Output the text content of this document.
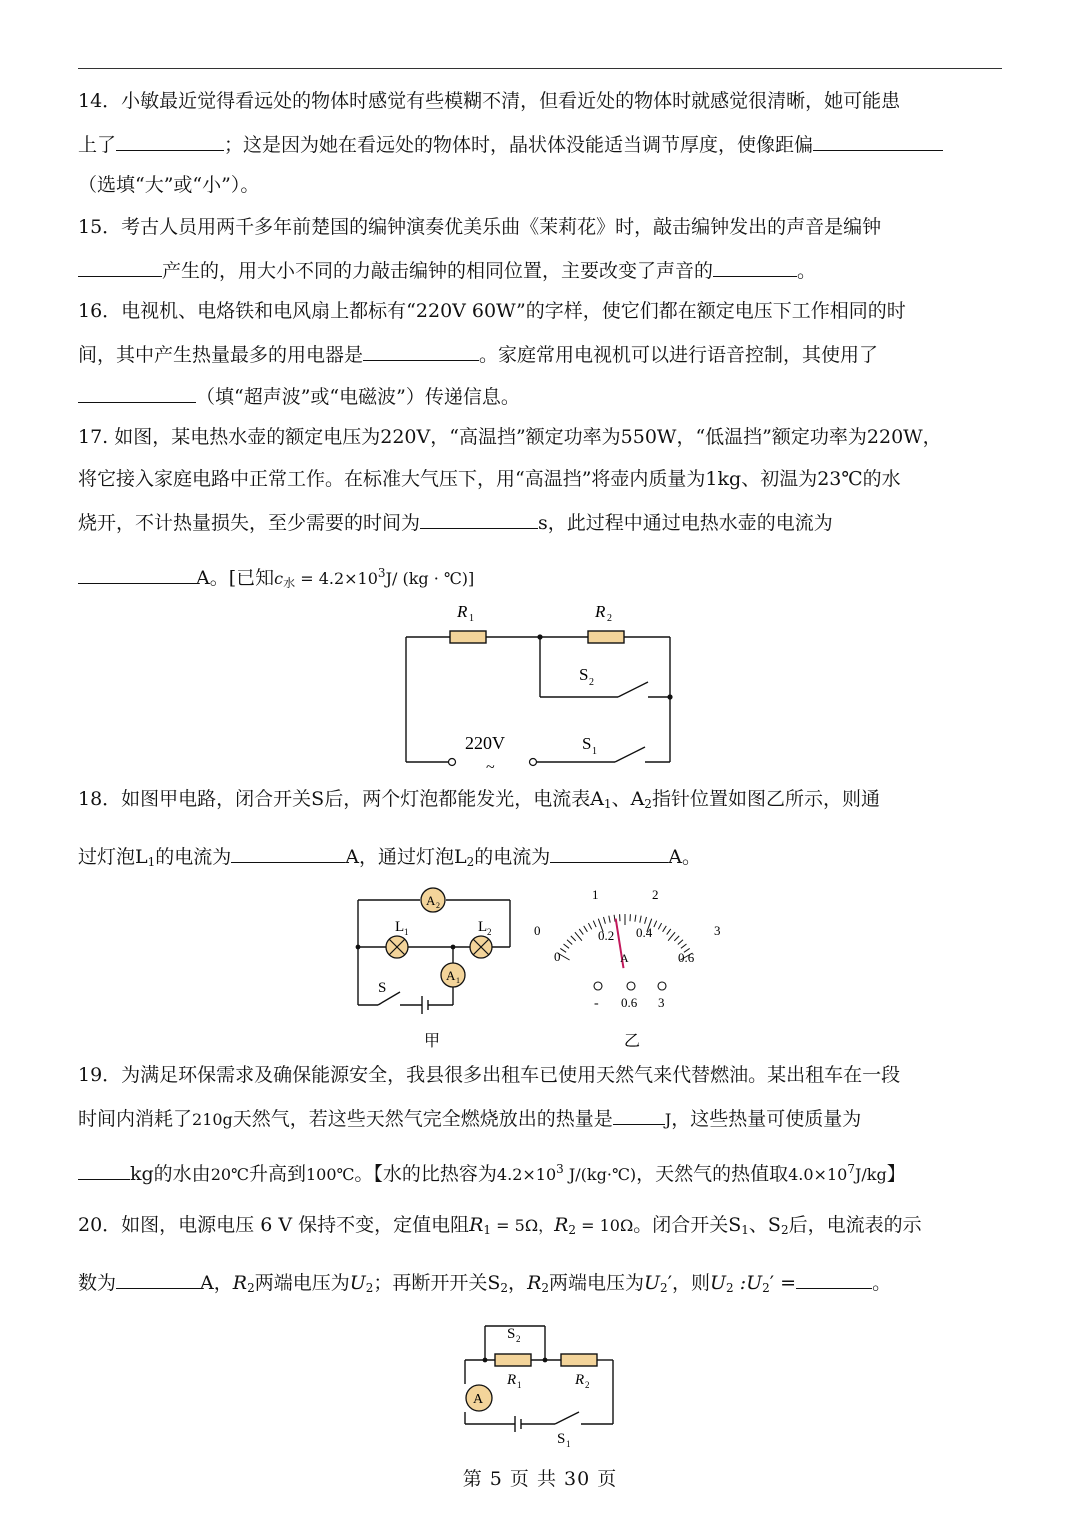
14．小敏最近觉得看远处的物体时感觉有些模糊不清，但看近处的物体时就感觉很清晰，她可能患
上了	；这是因为她在看远处的物体时，晶状体没能适当调节厚度，使像距偏
（选填“大”或“小”）。
15．考古人员用两千多年前楚国的编钟演奏优美乐曲《茉莉花》时，敲击编钟发出的声音是编钟
产生的，用大小不同的力敲击编钟的相同位置，主要改变了声音的	。
16．电视机、电烙铁和电风扇上都标有“220V 60W”的字样，使它们都在额定电压下工作相同的时
间，其中产生热量最多的用电器是	。家庭常用电视机可以进行语音控制，其使用了
（填“超声波”或“电磁波”）传递信息。
17. 如图，某电热水壶的额定电压为220V，“高温挡”额定功率为550W，“低温挡”额定功率为220W，
将它接入家庭电路中正常工作。在标准大气压下，用“高温挡”将壶内质量为1kg、初温为23℃的水
烧开，不计热量损失，至少需要的时间为	s，此过程中通过电热水壶的电流为
A。[已知$c_水 = 4.2\times 10^3J/$ (kg · ℃)]
R 1	R 2
S 2
S 1
220V
~
18．如图甲电路，闭合开关S后，两个灯泡都能发光，电流表$A_1$、$A_2$指针位置如图乙所示，则通
过灯泡$L_1$的电流为	A，通过灯泡$L_2$的电流为	A。
A 2
L 1	L 2
A 1
S
甲
0
1	2
3
0
0.2 0.4
0.6
A
- 0.6 3
乙
19．为满足环保需求及确保能源安全，我县很多出租车已使用天然气来代替燃油。某出租车在一段
时间内消耗了210g天然气，若这些天然气完全燃烧放出的热量是	J，这些热量可使质量为
kg的水由20℃升高到100℃。【水的比热容为$4.2\times 10^3$ J/(kg·℃)，天然气的热值取$4.0\times 10^7J/kg$】
20．如图，电源电压 6 V 保持不变，定值电阻$R_1 = 5\Omega$，$R_2 = 10\Omega$。闭合开关$S_1$、$S_2$后，电流表的示
数为	A，$R_2$两端电压为$U_2$；再断开开关$S_2$，$R_2$两端电压为$U_2'$，则$U_2$ $:U_2'$ =	。
S 2
R 1	R 2
A
S 1
第 5 页 共 30 页
